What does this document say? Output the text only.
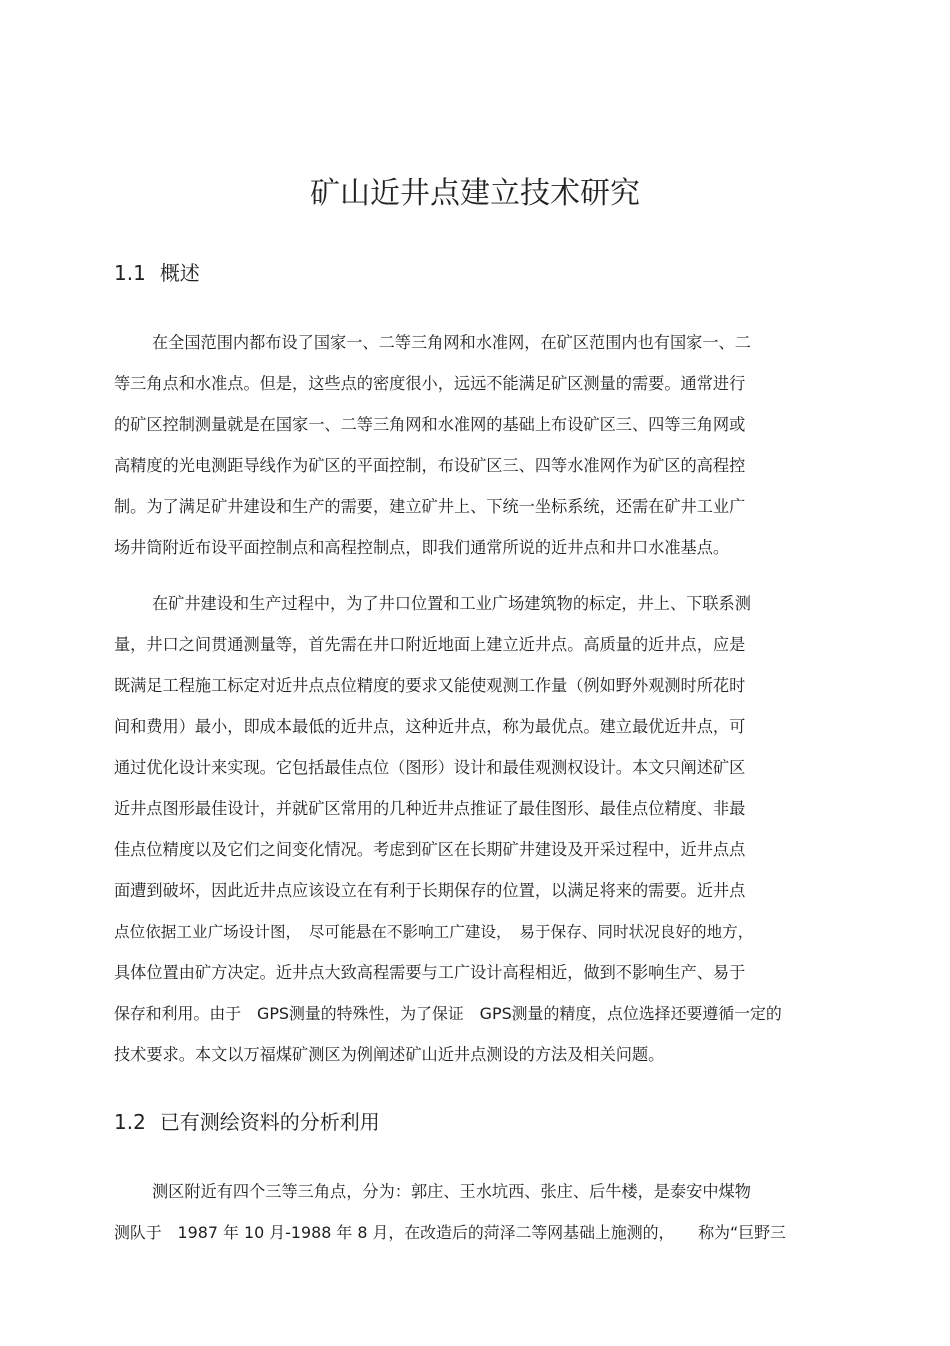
矿山近井点建立技术研究
1.1 概述
在全国范围内都布设了国家一、二等三角网和水准网，在矿区范围内也有国家一、二
等三角点和水准点。但是，这些点的密度很小，远远不能满足矿区测量的需要。通常进行
的矿区控制测量就是在国家一、二等三角网和水准网的基础上布设矿区三、四等三角网或
高精度的光电测距导线作为矿区的平面控制，布设矿区三、四等水准网作为矿区的高程控
制。为了满足矿井建设和生产的需要，建立矿井上、下统一坐标系统，还需在矿井工业广
场井筒附近布设平面控制点和高程控制点，即我们通常所说的近井点和井口水准基点。
在矿井建设和生产过程中，为了井口位置和工业广场建筑物的标定，井上、下联系测
量，井口之间贯通测量等，首先需在井口附近地面上建立近井点。高质量的近井点，应是
既满足工程施工标定对近井点点位精度的要求又能使观测工作量（例如野外观测时所花时
间和费用）最小，即成本最低的近井点，这种近井点，称为最优点。建立最优近井点，可
通过优化设计来实现。它包括最佳点位（图形）设计和最佳观测权设计。本文只阐述矿区
近井点图形最佳设计，并就矿区常用的几种近井点推证了最佳图形、最佳点位精度、非最
佳点位精度以及它们之间变化情况。考虑到矿区在长期矿井建设及开采过程中，近井点点
面遭到破坏，因此近井点应该设立在有利于长期保存的位置，以满足将来的需要。近井点
点位依据工业广场设计图，　尽可能悬在不影响工广建设，　易于保存、同时状况良好的地方，
具体位置由矿方决定。近井点大致高程需要与工广设计高程相近，做到不影响生产、易于
保存和利用。由于　GPS测量的特殊性，为了保证　GPS测量的精度，点位选择还要遵循一定的
技术要求。本文以万福煤矿测区为例阐述矿山近井点测设的方法及相关问题。
1.2 已有测绘资料的分析利用
测区附近有四个三等三角点，分为：郭庄、王水坑西、张庄、后牛楼，是泰安中煤物
测队于　1987 年 10 月-1988 年 8 月，在改造后的菏泽二等网基础上施测的，　　称为“巨野三
